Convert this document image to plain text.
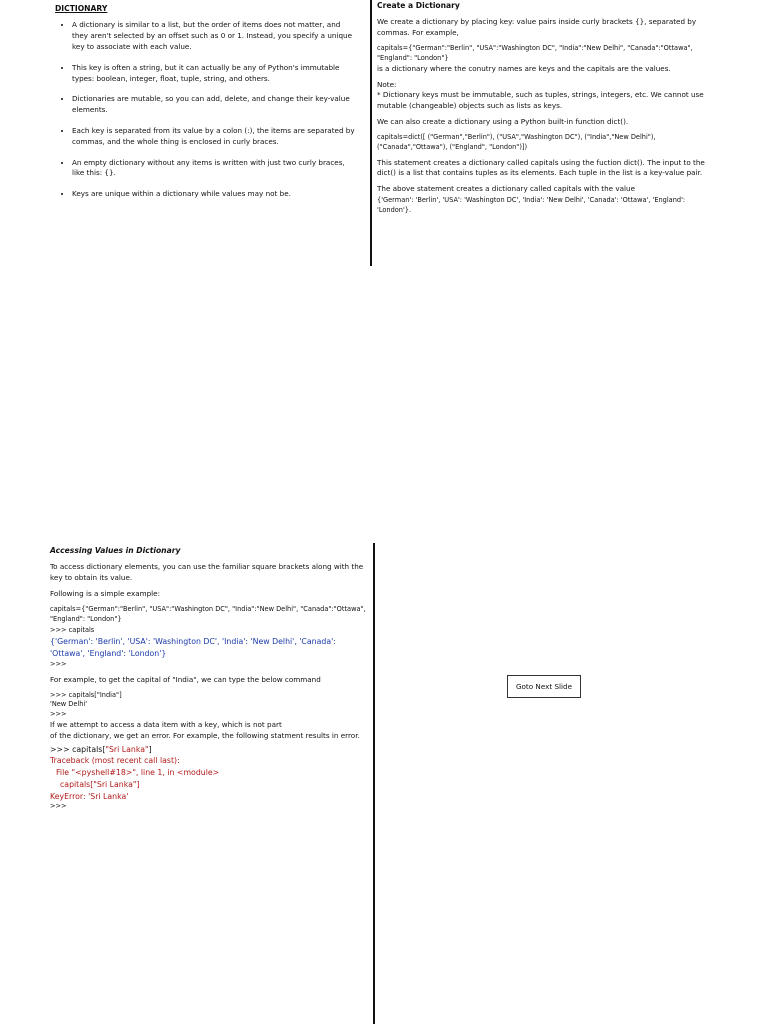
DICTIONARY
• A dictionary is similar to a list, but the order of items does not matter, and they aren't selected by an offset such as 0 or 1. Instead, you specify a unique key to associate with each value.
• This key is often a string, but it can actually be any of Python's immutable types: boolean, integer, float, tuple, string, and others.
• Dictionaries are mutable, so you can add, delete, and change their key-value elements.
• Each key is separated from its value by a colon (:), the items are separated by commas, and the whole thing is enclosed in curly braces.
• An empty dictionary without any items is written with just two curly braces, like this: {}.
• Keys are unique within a dictionary while values may not be.
Create a Dictionary

We create a dictionary by placing key: value pairs inside curly brackets {}, separated by commas. For example,

capitals={"German":"Berlin", "USA":"Washington DC", "India":"New Delhi", "Canada":"Ottawa", "England": "London"}

is a dictionary where the conutry names are keys and the capitals are the values.

Note:

* Dictionary keys must be immutable, such as tuples, strings, integers, etc. We cannot use mutable (changeable) objects such as lists as keys.

We can also create a dictionary using a Python built-in function dict().

capitals=dict([ ("German","Berlin"), ("USA","Washington DC"), ("India","New Delhi"), ("Canada","Ottawa"), ("England", "London")])

This statement creates a dictionary called capitals using the fuction dict(). The input to the dict() is a list that contains tuples as its elements. Each tuple in the list is a key-value pair.

The above statement creates a dictionary called capitals with the value

{'German': 'Berlin', 'USA': 'Washington DC', 'India': 'New Delhi', 'Canada': 'Ottawa', 'England': 'London'}.

Accessing Values in Dictionary

To access dictionary elements, you can use the familiar square brackets along with the key to obtain its value.

Following is a simple example:

capitals={"German":"Berlin", "USA":"Washington DC", "India":"New Delhi", "Canada":"Ottawa", "England": "London"}

>>> capitals

{'German': 'Berlin', 'USA': 'Washington DC', 'India': 'New Delhi', 'Canada': 'Ottawa', 'England': 'London'}

>>>

For example, to get the capital of "India", we can type the below command

>>> capitals["India"]

'New Delhi'

>>>

If we attempt to access a data item with a key, which is not part

of the dictionary, we get an error. For example, the following statment results in error.

>>> capitals["Sri Lanka"]

Traceback (most recent call last):

File "<pyshell#18>", line 1, in <module>

capitals["Sri Lanka"]

KeyError: 'Sri Lanka'

>>>

Goto Next Slide
